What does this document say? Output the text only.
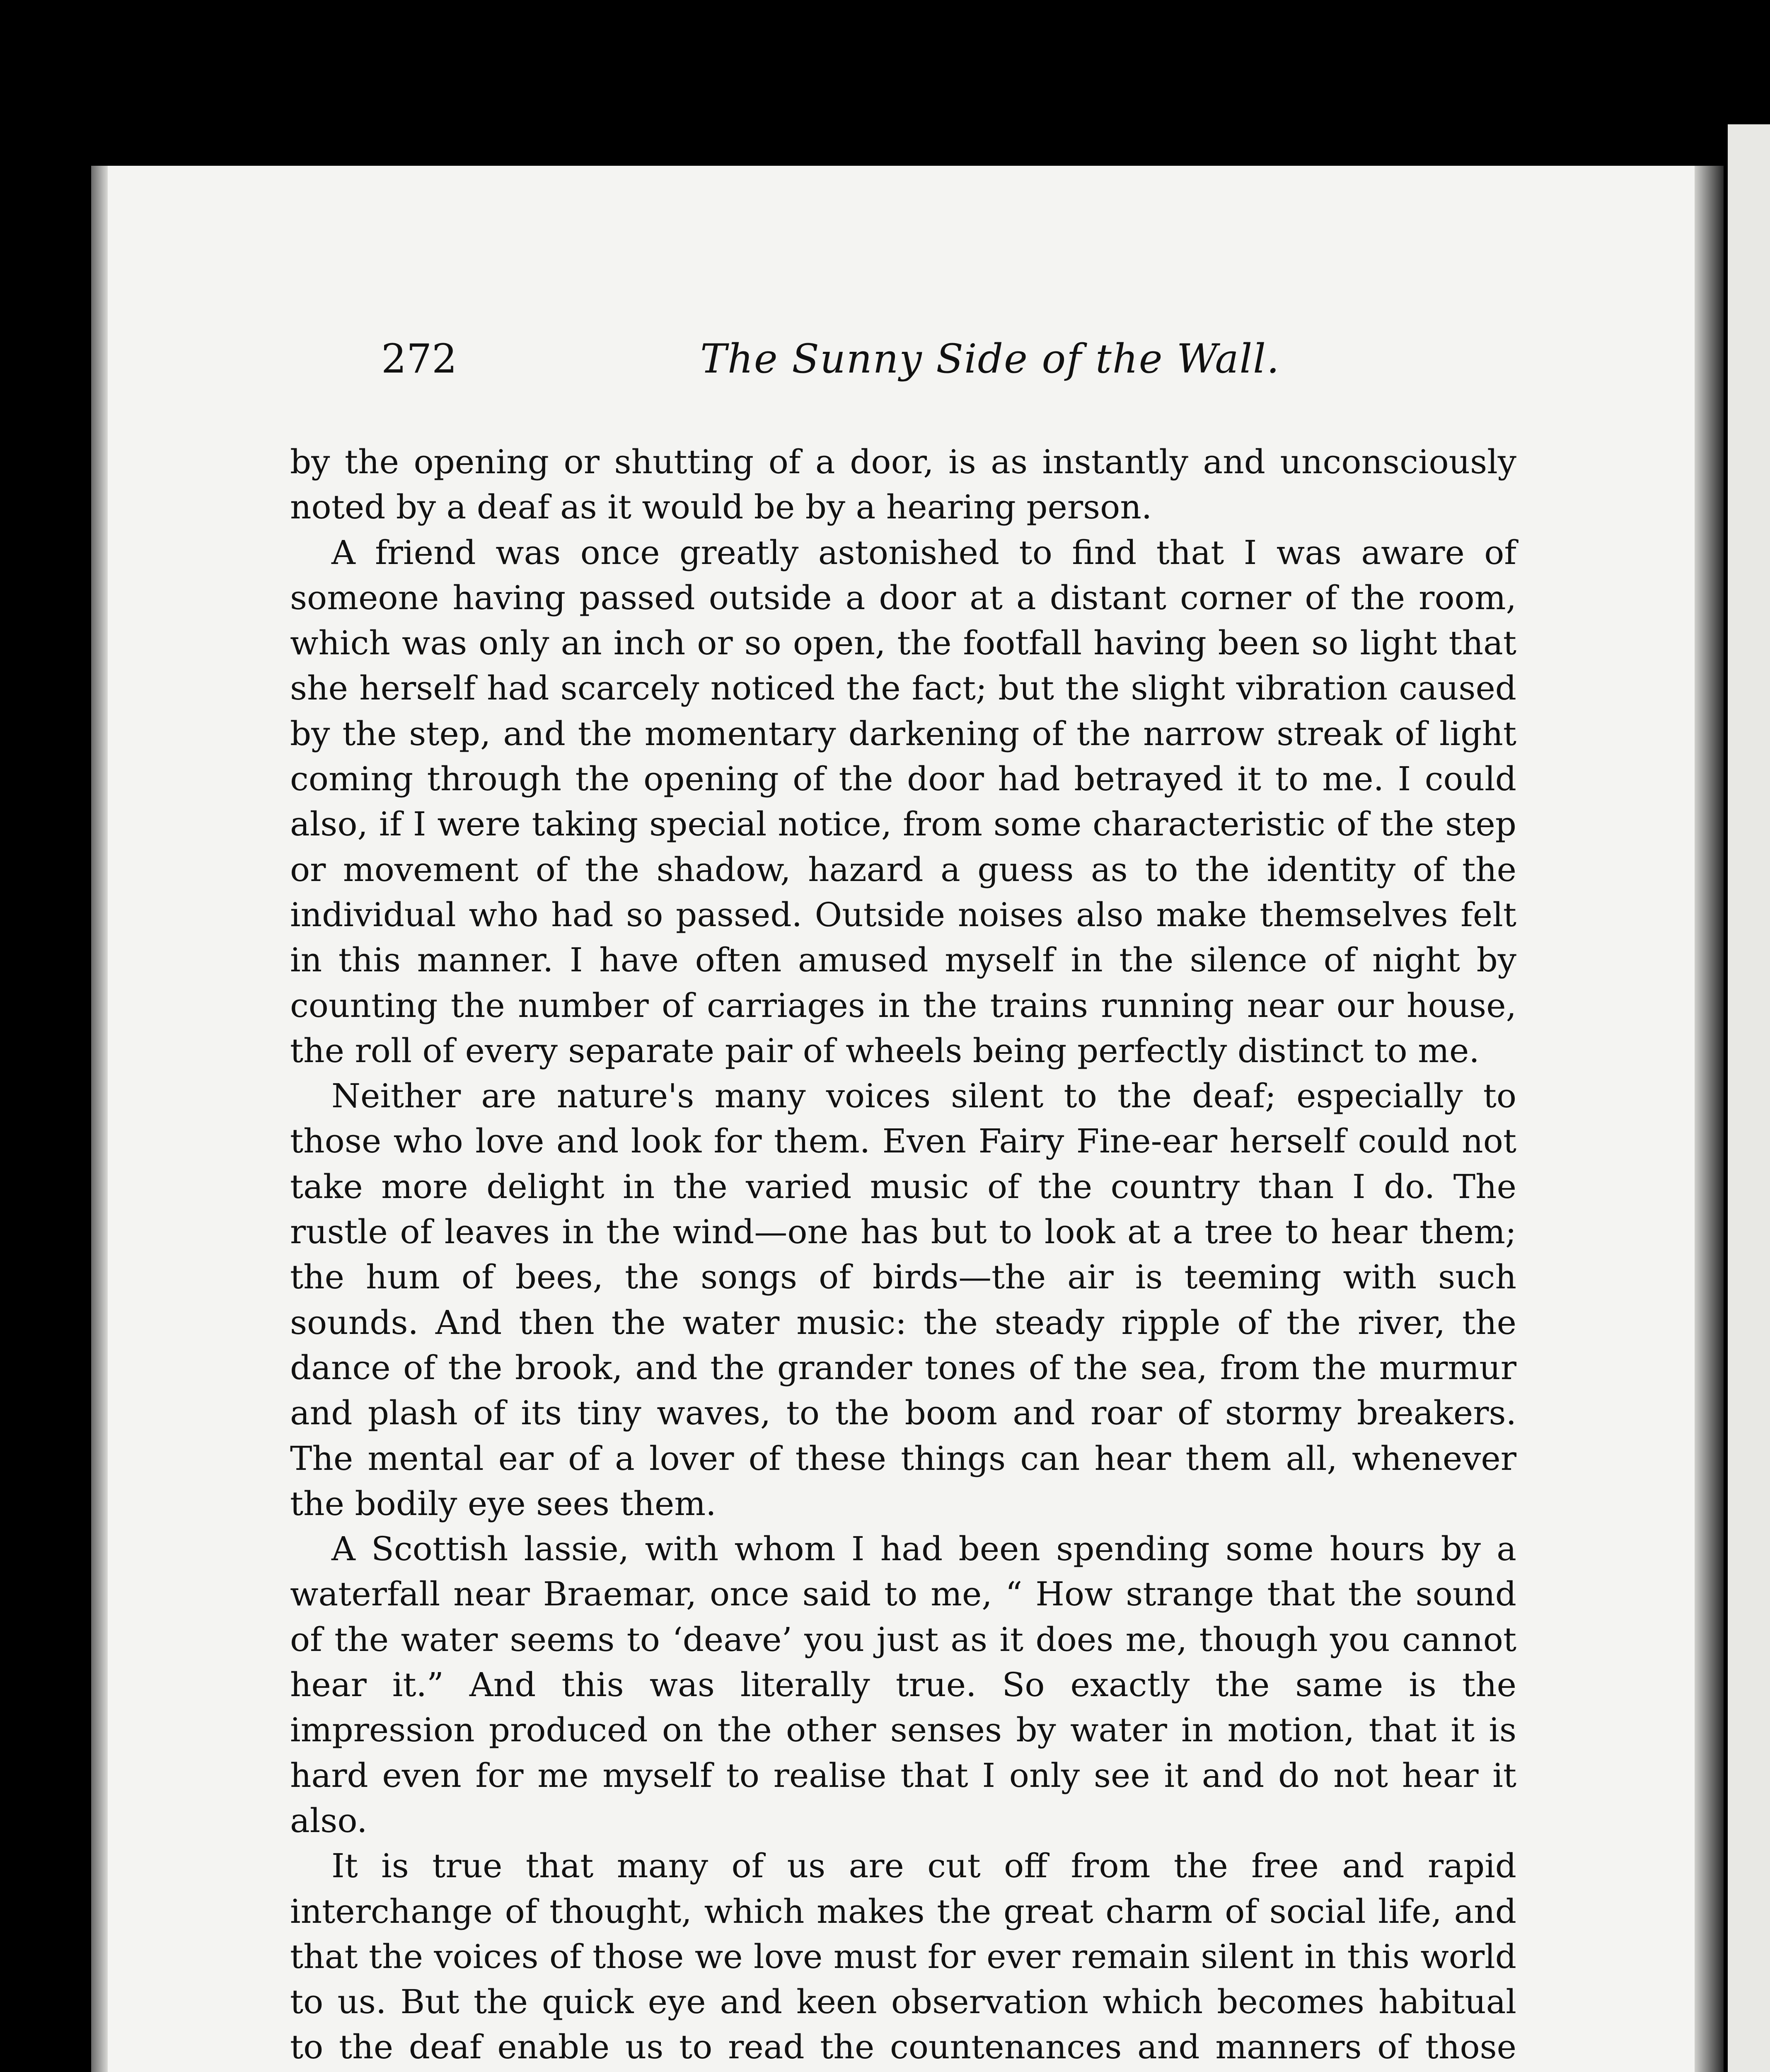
272	The Sunny Side of the Wall.

by the opening or shutting of a door, is as instantly and unconsciously noted by a deaf as it would be by a hearing person.

A friend was once greatly astonished to find that I was aware of someone having passed outside a door at a distant corner of the room, which was only an inch or so open, the footfall having been so light that she herself had scarcely noticed the fact; but the slight vibration caused by the step, and the momentary darkening of the narrow streak of light coming through the opening of the door had betrayed it to me. I could also, if I were taking special notice, from some characteristic of the step or movement of the shadow, hazard a guess as to the identity of the individual who had so passed. Outside noises also make themselves felt in this manner. I have often amused myself in the silence of night by counting the number of carriages in the trains running near our house, the roll of every separate pair of wheels being perfectly distinct to me.

Neither are nature's many voices silent to the deaf; especially to those who love and look for them. Even Fairy Fine-ear herself could not take more delight in the varied music of the country than I do. The rustle of leaves in the wind—one has but to look at a tree to hear them; the hum of bees, the songs of birds—the air is teeming with such sounds. And then the water music: the steady ripple of the river, the dance of the brook, and the grander tones of the sea, from the murmur and plash of its tiny waves, to the boom and roar of stormy breakers. The mental ear of a lover of these things can hear them all, whenever the bodily eye sees them.

A Scottish lassie, with whom I had been spending some hours by a waterfall near Braemar, once said to me, “ How strange that the sound of the water seems to ‘deave’ you just as it does me, though you cannot hear it.” And this was literally true. So exactly the same is the impression produced on the other senses by water in motion, that it is hard even for me myself to realise that I only see it and do not hear it also.

It is true that many of us are cut off from the free and rapid interchange of thought, which makes the great charm of social life, and that the voices of those we love must for ever remain silent in this world to us. But the quick eye and keen observation which becomes habitual to the deaf enable us to read the countenances and manners of those
